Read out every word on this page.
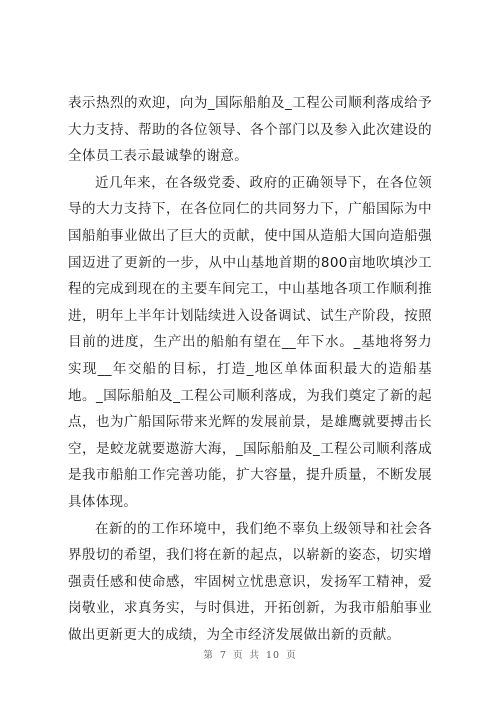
表示热烈的欢迎，向为_国际船舶及_工程公司顺利落成给予大力支持、帮助的各位领导、各个部门以及参入此次建设的全体员工表示最诚挚的谢意。

近几年来，在各级党委、政府的正确领导下，在各位领导的大力支持下，在各位同仁的共同努力下，广船国际为中国船舶事业做出了巨大的贡献，使中国从造船大国向造船强国迈进了更新的一步，从中山基地首期的800亩地吹填沙工程的完成到现在的主要车间完工，中山基地各项工作顺利推进，明年上半年计划陆续进入设备调试、试生产阶段，按照目前的进度，生产出的船舶有望在__年下水。_基地将努力实现__年交船的目标，打造_地区单体面积最大的造船基地。_国际船舶及_工程公司顺利落成，为我们奠定了新的起点，也为广船国际带来光辉的发展前景，是雄鹰就要搏击长空，是蛟龙就要遨游大海，_国际船舶及_工程公司顺利落成是我市船舶工作完善功能，扩大容量，提升质量，不断发展具体体现。

在新的的工作环境中，我们绝不辜负上级领导和社会各界殷切的希望，我们将在新的起点，以崭新的姿态，切实增强责任感和使命感，牢固树立忧患意识，发扬军工精神，爱岗敬业，求真务实，与时俱进，开拓创新，为我市船舶事业做出更新更大的成绩，为全市经济发展做出新的贡献。

第 7 页 共 10 页
